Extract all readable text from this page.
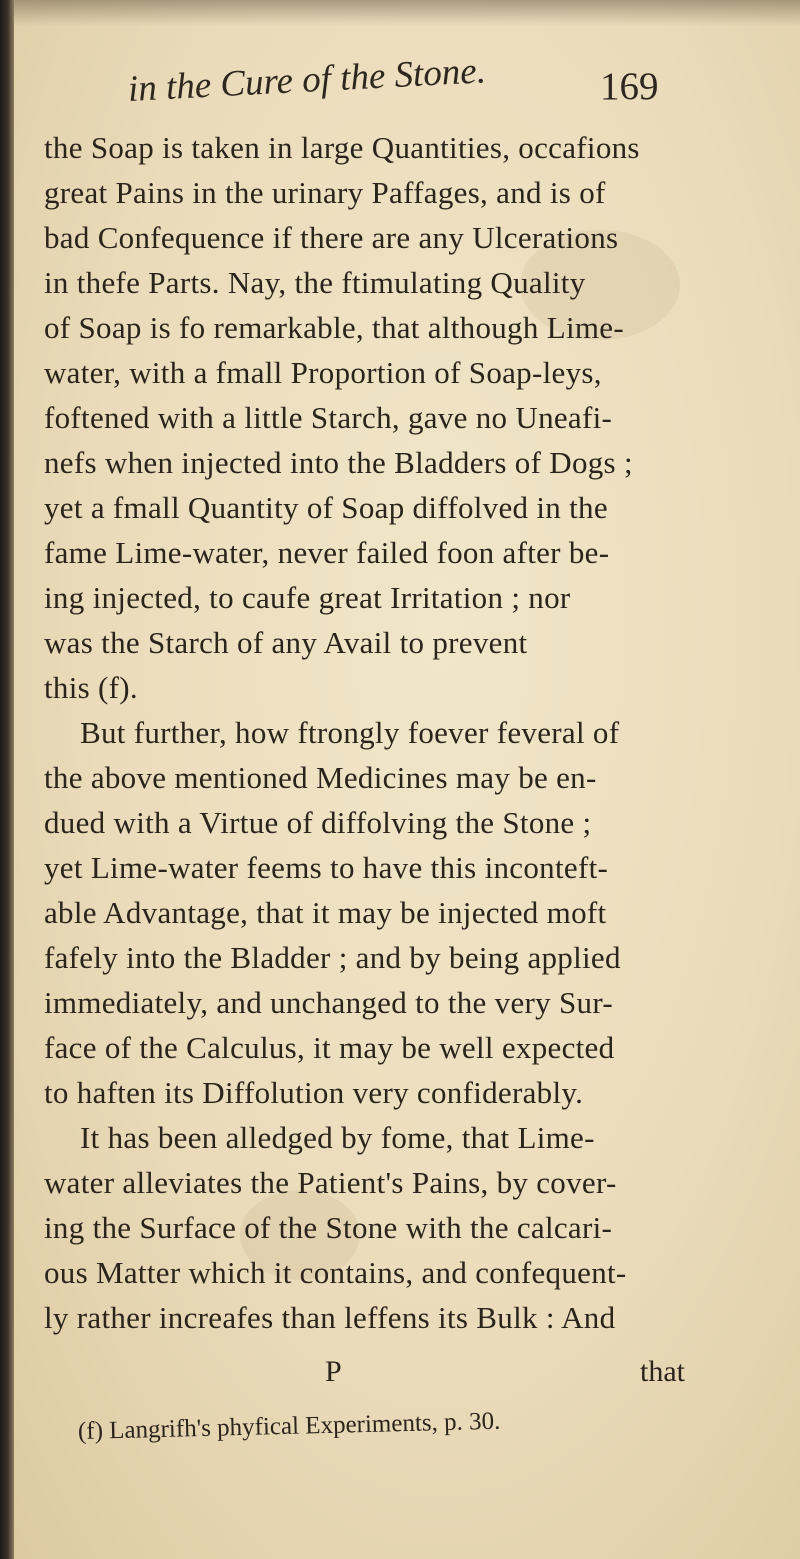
in the Cure of the Stone.	169
the Soap is taken in large Quantities, occafions
great Pains in the urinary Paffages, and is of
bad Confequence if there are any Ulcerations
in thefe Parts. Nay, the ftimulating Quality
of Soap is fo remarkable, that although Lime-
water, with a fmall Proportion of Soap-leys,
foftened with a little Starch, gave no Uneafi-
nefs when injected into the Bladders of Dogs ;
yet a fmall Quantity of Soap diffolved in the
fame Lime-water, never failed foon after be-
ing injected, to caufe great Irritation ; nor
was the Starch of any Avail to prevent
this (f).
But further, how ftrongly foever feveral of
the above mentioned Medicines may be en-
dued with a Virtue of diffolving the Stone ;
yet Lime-water feems to have this inconteft-
able Advantage, that it may be injected moft
fafely into the Bladder ; and by being applied
immediately, and unchanged to the very Sur-
face of the Calculus, it may be well expected
to haften its Diffolution very confiderably.
It has been alledged by fome, that Lime-
water alleviates the Patient's Pains, by cover-
ing the Surface of the Stone with the calcari-
ous Matter which it contains, and confequent-
ly rather increafes than leffens its Bulk : And
P	that
(f) Langrifh's phyfical Experiments, p. 30.
